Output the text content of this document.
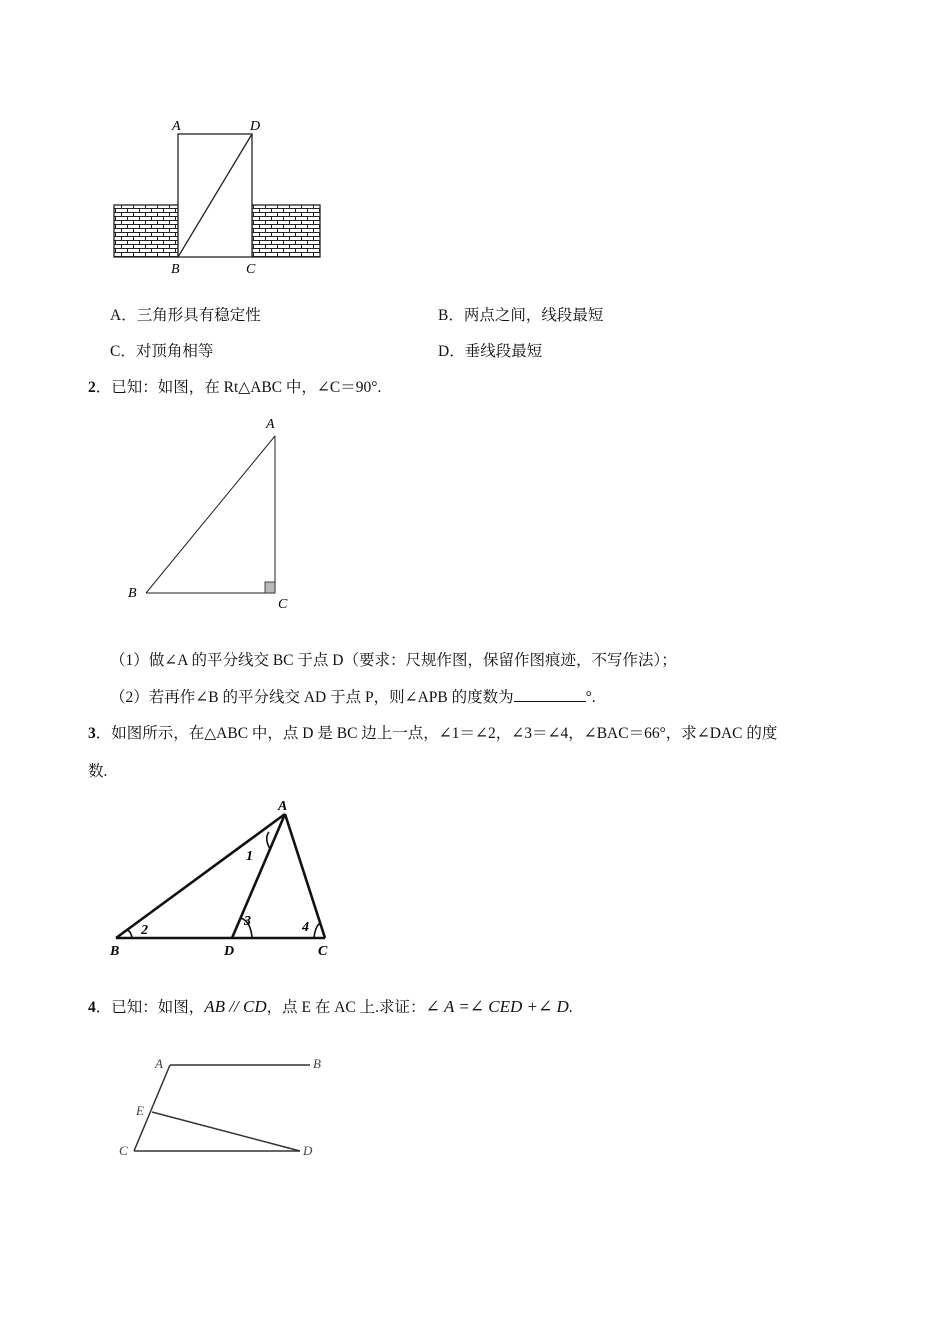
A	D
B	C
A．三角形具有稳定性	B．两点之间，线段最短
C．对顶角相等	D．垂线段最短
2．已知：如图，在 Rt△ABC 中，∠C＝90°.
A
B
C
（1）做∠A 的平分线交 BC 于点 D（要求：尺规作图，保留作图痕迹，不写作法）；
（2）若再作∠B 的平分线交 AD 于点 P，则∠APB 的度数为	°.
3．如图所示，在△ABC 中，点 D 是 BC 边上一点，∠1＝∠2，∠3＝∠4，∠BAC＝66°，求∠DAC 的度
数.
A
B	D	C
1
2
3	4
4．已知：如图，AB // CD，点 E 在 AC 上.求证：∠ A =∠ CED +∠ D.
A	B
E
C	D
